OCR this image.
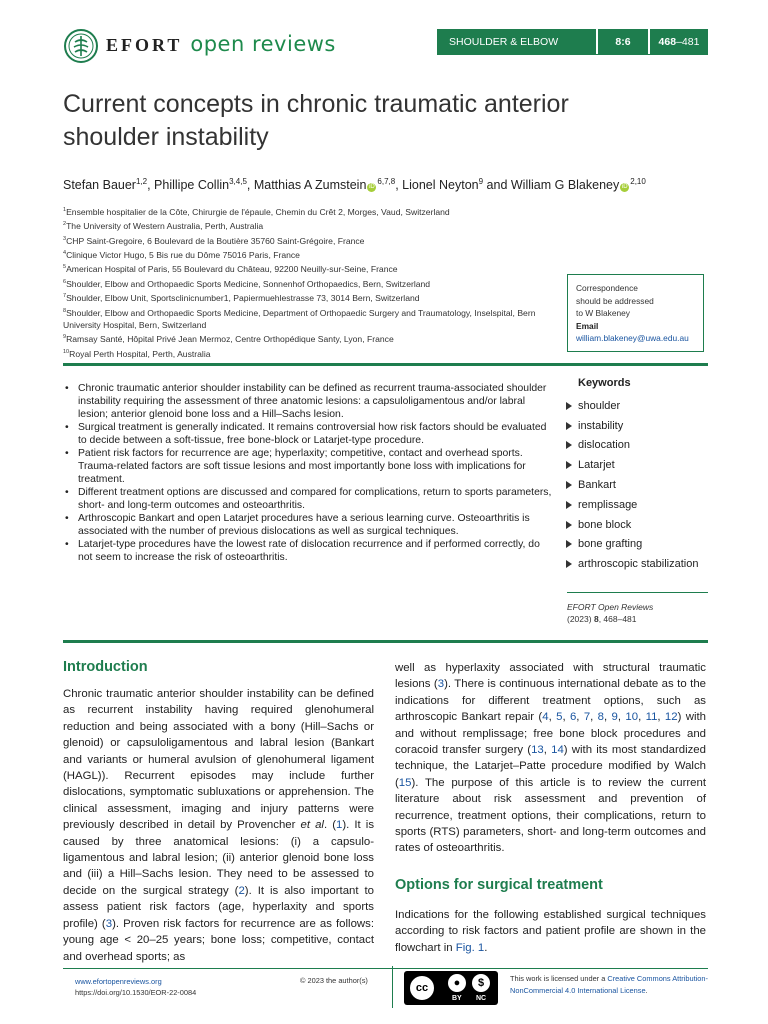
EFORT open reviews	SHOULDER & ELBOW	8:6	468 –481
Current concepts in chronic traumatic anterior shoulder instability
Stefan Bauer$^{1,2}$, Phillipe Collin$^{3,4,5}$, Matthias A Zumstein iD$^{6,7,8}$, Lionel Neyton$^9$ and William G Blakeney iD$^{2,10}$
$^1$Ensemble hospitalier de la Côte, Chirurgie de l'épaule, Chemin du Crêt 2, Morges, Vaud, Switzerland
$^2$The University of Western Australia, Perth, Australia
$^3$CHP Saint-Gregoire, 6 Boulevard de la Boutière 35760 Saint-Grégoire, France
$^4$Clinique Victor Hugo, 5 Bis rue du Dôme 75016 Paris, France
$^5$American Hospital of Paris, 55 Boulevard du Château, 92200 Neuilly-sur-Seine, France
$^6$Shoulder, Elbow and Orthopaedic Sports Medicine, Sonnenhof Orthopaedics, Bern, Switzerland
$^7$Shoulder, Elbow Unit, Sportsclinicnumber1, Papiermuehlestrasse 73, 3014 Bern, Switzerland
$^8$Shoulder, Elbow and Orthopaedic Sports Medicine, Department of Orthopaedic Surgery and Traumatology, Inselspital, Bern University Hospital, Bern, Switzerland
$^9$Ramsay Santé, Hôpital Privé Jean Mermoz, Centre Orthopédique Santy, Lyon, France
$^{10}$Royal Perth Hospital, Perth, Australia
Correspondence
should be addressed
to W Blakeney
Email
william.blakeney@uwa.edu.au
• Chronic traumatic anterior shoulder instability can be defined as recurrent trauma-associated shoulder instability requiring the assessment of three anatomic lesions: a capsuloligamentous and/or labral lesion; anterior glenoid bone loss and a Hill–Sachs lesion.
• Surgical treatment is generally indicated. It remains controversial how risk factors should be evaluated to decide between a soft-tissue, free bone-block or Latarjet-type procedure.
• Patient risk factors for recurrence are age; hyperlaxity; competitive, contact and overhead sports. Trauma-related factors are soft tissue lesions and most importantly bone loss with implications for treatment.
• Different treatment options are discussed and compared for complications, return to sports parameters, short- and long-term outcomes and osteoarthritis.
• Arthroscopic Bankart and open Latarjet procedures have a serious learning curve. Osteoarthritis is associated with the number of previous dislocations as well as surgical techniques.
• Latarjet-type procedures have the lowest rate of dislocation recurrence and if performed correctly, do not seem to increase the risk of osteoarthritis.
Keywords
shoulder
instability
dislocation
Latarjet
Bankart
remplissage
bone block
bone grafting
arthroscopic stabilization
EFORT Open Reviews
(2023) 8, 468–481
Introduction

Chronic traumatic anterior shoulder instability can be defined as recurrent instability having required glenohumeral reduction and being associated with a bony (Hill–Sachs or glenoid) or capsuloligamentous and labral lesion (Bankart and variants or humeral avulsion of glenohumeral ligament (HAGL)). Recurrent episodes may include further dislocations, symptomatic subluxations or apprehension. The clinical assessment, imaging and injury patterns were previously described in detail by Provencher et al. (1). It is caused by three anatomical lesions: (i) a capsulo-ligamentous and labral lesion; (ii) anterior glenoid bone loss and (iii) a Hill–Sachs lesion. They need to be assessed to decide on the surgical strategy (2). It is also important to assess patient risk factors (age, hyperlaxity and sports profile) (3). Proven risk factors for recurrence are as follows: young age < 20–25 years; bone loss; competitive, contact and overhead sports; as

well as hyperlaxity associated with structural traumatic lesions (3). There is continuous international debate as to the indications for different treatment options, such as arthroscopic Bankart repair (4, 5, 6, 7, 8, 9, 10, 11, 12) with and without remplissage; free bone block procedures and coracoid transfer surgery (13, 14) with its most standardized technique, the Latarjet–Patte procedure modified by Walch (15). The purpose of this article is to review the current literature about risk assessment and prevention of recurrence, treatment options, their complications, return to sports (RTS) parameters, short- and long-term outcomes and rates of osteoarthritis.

Options for surgical treatment

Indications for the following established surgical techniques according to risk factors and patient profile are shown in the flowchart in Fig. 1.

www.efortopenreviews.org
https://doi.org/10.1530/EOR-22-0084
© 2023 the author(s)
cc	●	$
BY NC
This work is licensed under a Creative Commons Attribution-NonCommercial 4.0 International License.
